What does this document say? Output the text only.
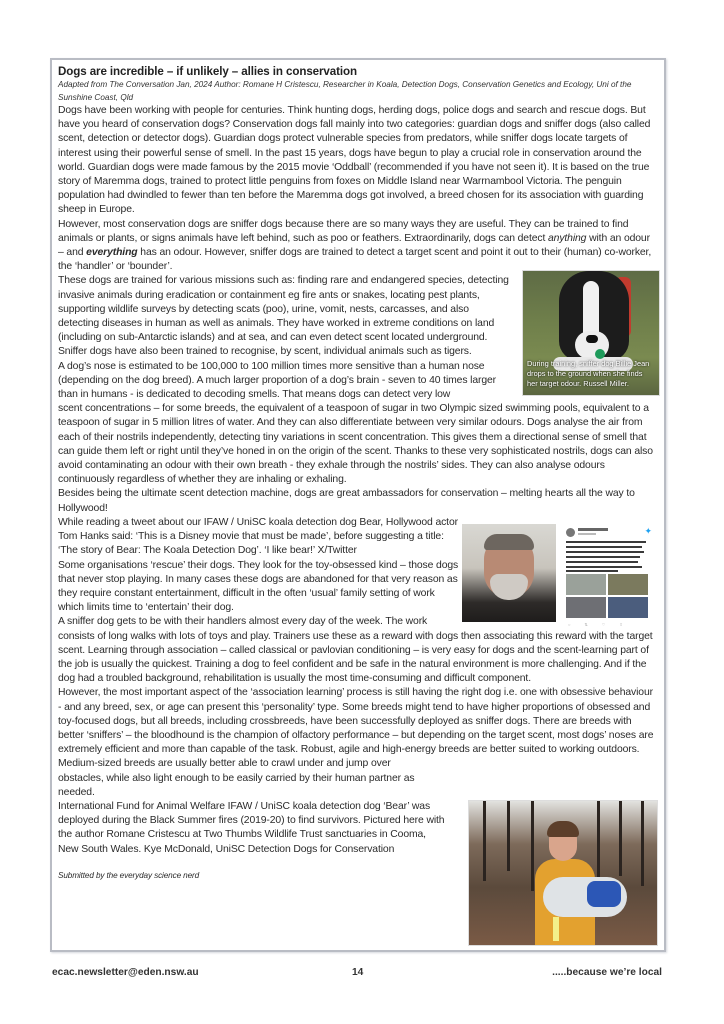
Dogs are incredible – if unlikely – allies in conservation
Adapted from The Conversation Jan, 2024 Author: Romane H Cristescu, Researcher in Koala, Detection Dogs, Conservation Genetics and Ecology, Uni of the Sunshine Coast, Qld

Dogs have been working with people for centuries. Think hunting dogs, herding dogs, police dogs and search and rescue dogs. But have you heard of conservation dogs? Conservation dogs fall mainly into two categories: guardian dogs and sniffer dogs (also called scent, detection or detector dogs). Guardian dogs protect vulnerable species from predators, while sniffer dogs locate targets of interest using their powerful sense of smell. In the past 15 years, dogs have begun to play a crucial role in conservation around the world. Guardian dogs were made famous by the 2015 movie ‘Oddball’ (recommended if you have not seen it). It is based on the true story of Maremma dogs, trained to protect little penguins from foxes on Middle Island near Warrnambool Victoria. The penguin population had dwindled to fewer than ten before the Maremma dogs got involved, a breed chosen for its association with guarding sheep in Europe.

However, most conservation dogs are sniffer dogs because there are so many ways they are useful. They can be trained to find animals or plants, or signs animals have left behind, such as poo or feathers. Extraordinarily, dogs can detect anything with an odour – and everything has an odour. However, sniffer dogs are trained to detect a target scent and point it out to their (human) co-worker, the ‘handler’ or ‘bounder’.

These dogs are trained for various missions such as: finding rare and endangered species, detecting invasive animals during eradication or containment eg fire ants or snakes, locating pest plants, supporting wildlife surveys by detecting scats (poo), urine, vomit, nests, carcasses, and also detecting diseases in human as well as animals. They have worked in extreme conditions on land (including on sub-Antarctic islands) and at sea, and can even detect scent located underground. Sniffer dogs have also been trained to recognise, by scent, individual animals such as tigers.

A dog’s nose is estimated to be 100,000 to 100 million times more sensitive than a human nose (depending on the dog breed). A much larger proportion of a dog’s brain - seven to 40 times larger than in humans - is dedicated to decoding smells. That means dogs can detect very low

scent concentrations – for some breeds, the equivalent of a teaspoon of sugar in two Olympic sized swimming pools, equivalent to a teaspoon of sugar in 5 million litres of water. And they can also differentiate between very similar odours. Dogs analyse the air from each of their nostrils independently, detecting tiny variations in scent concentration. This gives them a directional sense of smell that can guide them left or right until they’ve honed in on the origin of the scent. Thanks to these very sophisticated nostrils, dogs can also avoid contaminating an odour with their own breath - they exhale through the nostrils’ sides. They can also analyse odours continuously regardless of whether they are inhaling or exhaling.

Besides being the ultimate scent detection machine, dogs are great ambassadors for conservation – melting hearts all the way to Hollywood!

While reading a tweet about our IFAW / UniSC koala detection dog Bear, Hollywood actor Tom Hanks said: ‘This is a Disney movie that must be made’, before suggesting a title: ‘The story of Bear: The Koala Detection Dog’. ‘I like bear!’ X/Twitter

Some organisations ‘rescue’ their dogs. They look for the toy-obsessed kind – those dogs that never stop playing. In many cases these dogs are abandoned for that very reason as they require constant entertainment, difficult in the often ‘usual’ family setting of work which limits time to ‘entertain’ their dog.

A sniffer dog gets to be with their handlers almost every day of the week. The work

consists of long walks with lots of toys and play. Trainers use these as a reward with dogs then associating this reward with the target scent. Learning through association – called classical or pavlovian conditioning – is very easy for dogs and the scent-learning part of the job is usually the quickest. Training a dog to feel confident and be safe in the natural environment is more challenging. And if the dog had a troubled background, rehabilitation is usually the most time-consuming and difficult component.

However, the most important aspect of the ‘association learning’ process is still having the right dog i.e. one with obsessive behaviour - and any breed, sex, or age can present this ‘personality’ type. Some breeds might tend to have higher proportions of obsessed and toy-focused dogs, but all breeds, including crossbreeds, have been successfully deployed as sniffer dogs. There are breeds with better ‘sniffers’ – the bloodhound is the champion of olfactory performance – but depending on the target scent, most dogs’ noses are extremely efficient and more than capable of the task. Robust, agile and high-energy breeds are better suited to working outdoors. Medium-sized breeds are usually better able to crawl under and jump over

obstacles, while also light enough to be easily carried by their human partner as needed.

International Fund for Animal Welfare IFAW / UniSC koala detection dog ‘Bear’ was deployed during the Black Summer fires (2019-20) to find survivors. Pictured here with the author Romane Cristescu at Two Thumbs Wildlife Trust sanctuaries in Cooma, New South Wales. Kye McDonald, UniSC Detection Dogs for Conservation

Submitted by the everyday science nerd

During training, sniffer dog Billie Jean drops to the ground when she finds her target odour. Russell Miller.
✦
○⇅♡⇧
ecac.newsletter@eden.nsw.au	14	.....because we’re local
